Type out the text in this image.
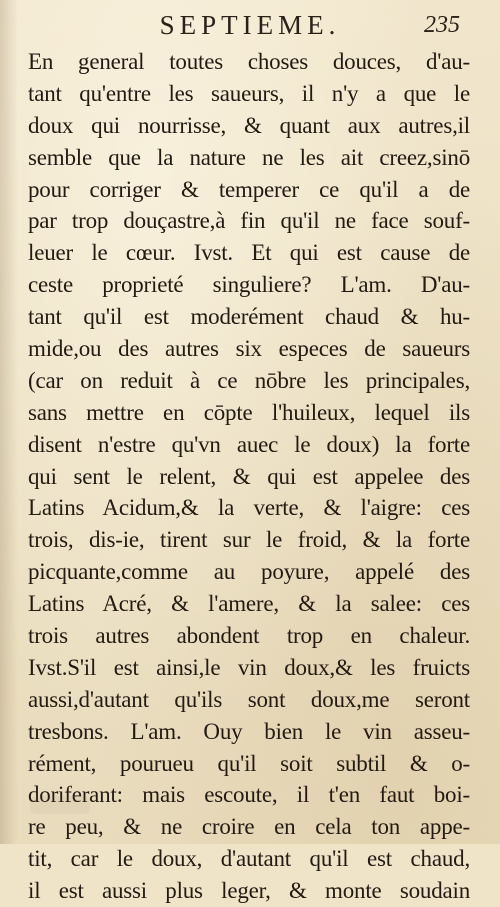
SEPTIEME.	235
En general toutes choses douces, d'au-
tant qu'entre les saueurs, il n'y a que le
doux qui nourrisse, & quant aux autres,il
semble que la nature ne les ait creez,sinō
pour corriger & temperer ce qu'il a de
par trop douçastre,à fin qu'il ne face souf-
leuer le cœur. Ivst. Et qui est cause de
ceste proprieté singuliere? L'am. D'au-
tant qu'il est moderément chaud & hu-
mide,ou des autres six especes de saueurs
(car on reduit à ce nōbre les principales,
sans mettre en cōpte l'huileux, lequel ils
disent n'estre qu'vn auec le doux) la forte
qui sent le relent, & qui est appelee des
Latins Acidum,& la verte, & l'aigre: ces
trois, dis-ie, tirent sur le froid, & la forte
picquante,comme au poyure, appelé des
Latins Acré, & l'amere, & la salee: ces
trois autres abondent trop en chaleur.
Ivst.S'il est ainsi,le vin doux,& les fruicts
aussi,d'autant qu'ils sont doux,me seront
tresbons. L'am. Ouy bien le vin asseu-
rément, pourueu qu'il soit subtil & o-
doriferant: mais escoute, il t'en faut boi-
re peu, & ne croire en cela ton appe-
tit, car le doux, d'autant qu'il est chaud,
il est aussi plus leger, & monte soudain
